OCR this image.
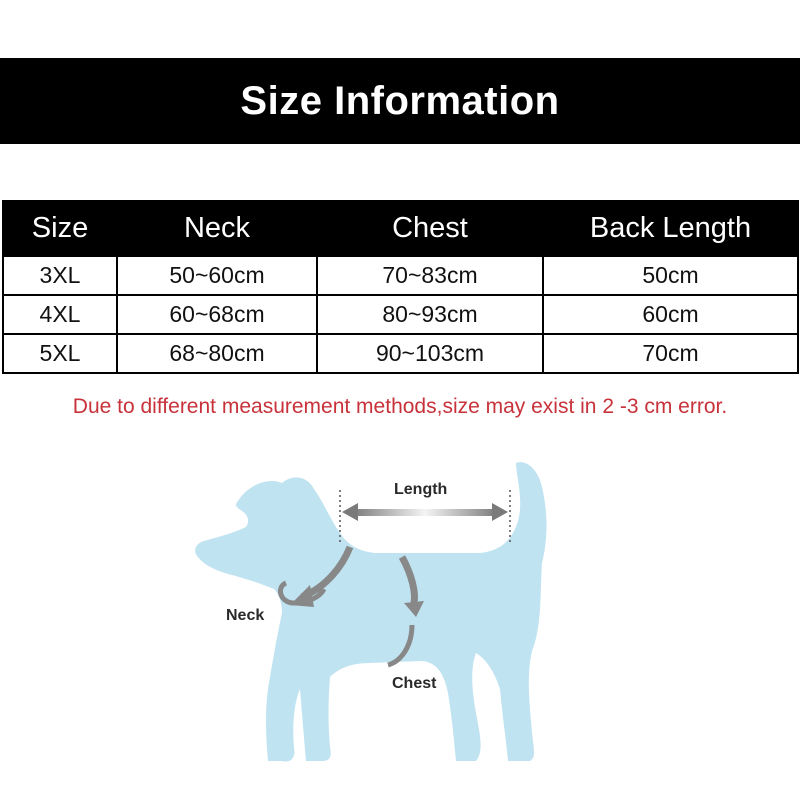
Size Information
Size	Neck	Chest	Back Length
3XL	50~60cm	70~83cm	50cm
4XL	60~68cm	80~93cm	60cm
5XL	68~80cm	90~103cm	70cm
Due to different measurement methods,size may exist in 2 -3 cm error.
Length
Neck
Chest
